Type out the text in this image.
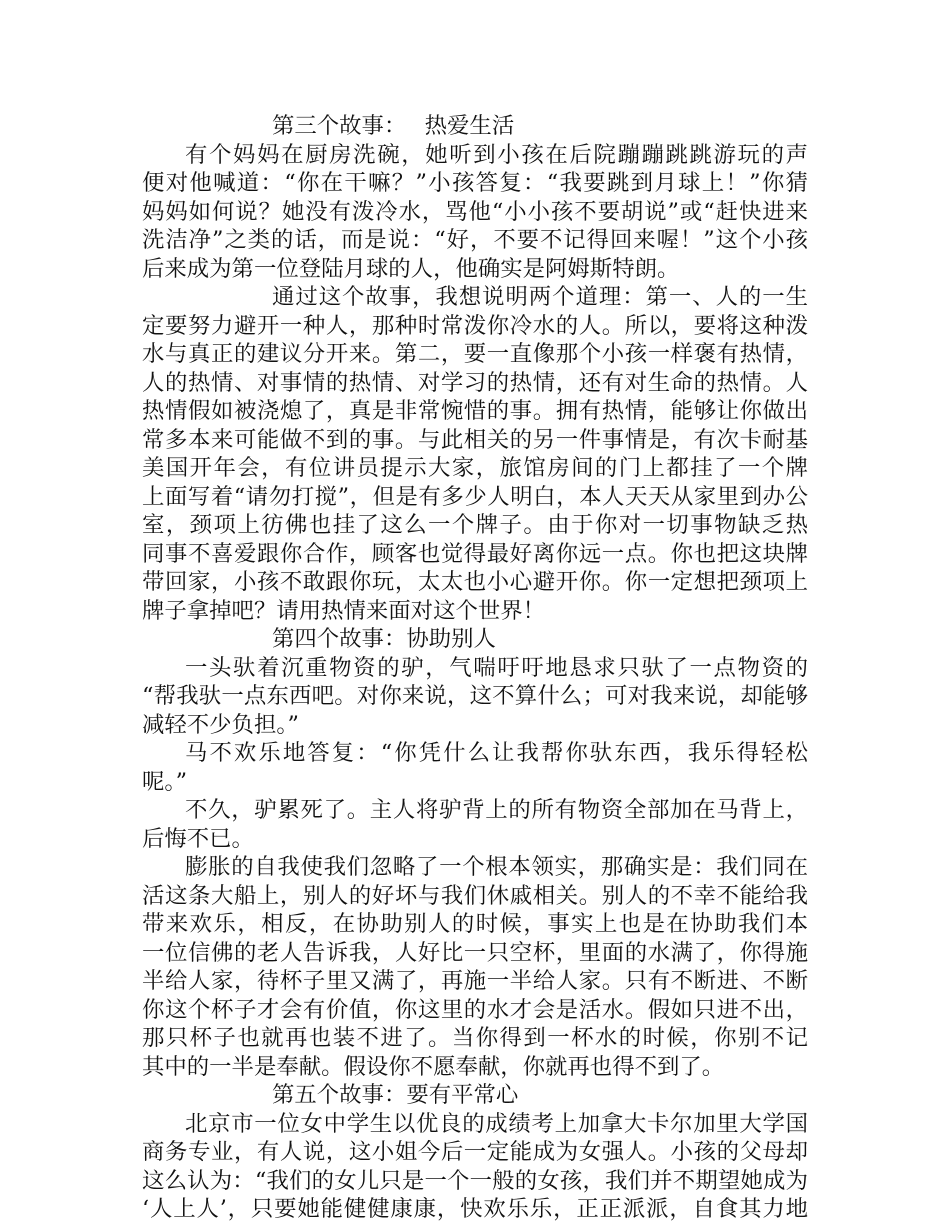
第三个故事：　 热爱生活
有个妈妈在厨房洗碗，她听到小孩在后院蹦蹦跳跳游玩的声
便对他喊道：“你在干嘛？”小孩答复：“我要跳到月球上！”你猜
妈妈如何说？她没有泼冷水，骂他“小小孩不要胡说”或“赶快进来
洗洁净”之类的话，而是说：“好，不要不记得回来喔！”这个小孩
后来成为第一位登陆月球的人，他确实是阿姆斯特朗。
通过这个故事，我想说明两个道理：第一、人的一生
定要努力避开一种人，那种时常泼你冷水的人。所以，要将这种泼
水与真正的建议分开来。第二，要一直像那个小孩一样褒有热情，
人的热情、对事情的热情、对学习的热情，还有对生命的热情。人
热情假如被浇熄了，真是非常惋惜的事。拥有热情，能够让你做出
常多本来可能做不到的事。与此相关的另一件事情是，有次卡耐基
美国开年会，有位讲员提示大家，旅馆房间的门上都挂了一个牌
上面写着“请勿打搅”，但是有多少人明白，本人天天从家里到办公
室，颈项上彷佛也挂了这么一个牌子。由于你对一切事物缺乏热
同事不喜爱跟你合作，顾客也觉得最好离你远一点。你也把这块牌
带回家，小孩不敢跟你玩，太太也小心避开你。你一定想把颈项上
牌子拿掉吧？请用热情来面对这个世界！
第四个故事：协助别人
一头驮着沉重物资的驴，气喘吁吁地恳求只驮了一点物资的
“帮我驮一点东西吧。对你来说，这不算什么；可对我来说，却能够
减轻不少负担。”
马不欢乐地答复：“你凭什么让我帮你驮东西，我乐得轻松
呢。”
不久，驴累死了。主人将驴背上的所有物资全部加在马背上，
后悔不已。
膨胀的自我使我们忽略了一个根本领实，那确实是：我们同在
活这条大船上，别人的好坏与我们休戚相关。别人的不幸不能给我
带来欢乐，相反，在协助别人的时候，事实上也是在协助我们本
一位信佛的老人告诉我，人好比一只空杯，里面的水满了，你得施
半给人家，待杯子里又满了，再施一半给人家。只有不断进、不断
你这个杯子才会有价值，你这里的水才会是活水。假如只进不出，
那只杯子也就再也装不进了。当你得到一杯水的时候，你别不记
其中的一半是奉献。假设你不愿奉献，你就再也得不到了。
第五个故事：要有平常心
北京市一位女中学生以优良的成绩考上加拿大卡尔加里大学国
商务专业，有人说，这小姐今后一定能成为女强人。小孩的父母却
这么认为：“我们的女儿只是一个一般的女孩，我们并不期望她成为
‘人上人’，只要她能健健康康，快欢乐乐，正正派派，自食其力地
